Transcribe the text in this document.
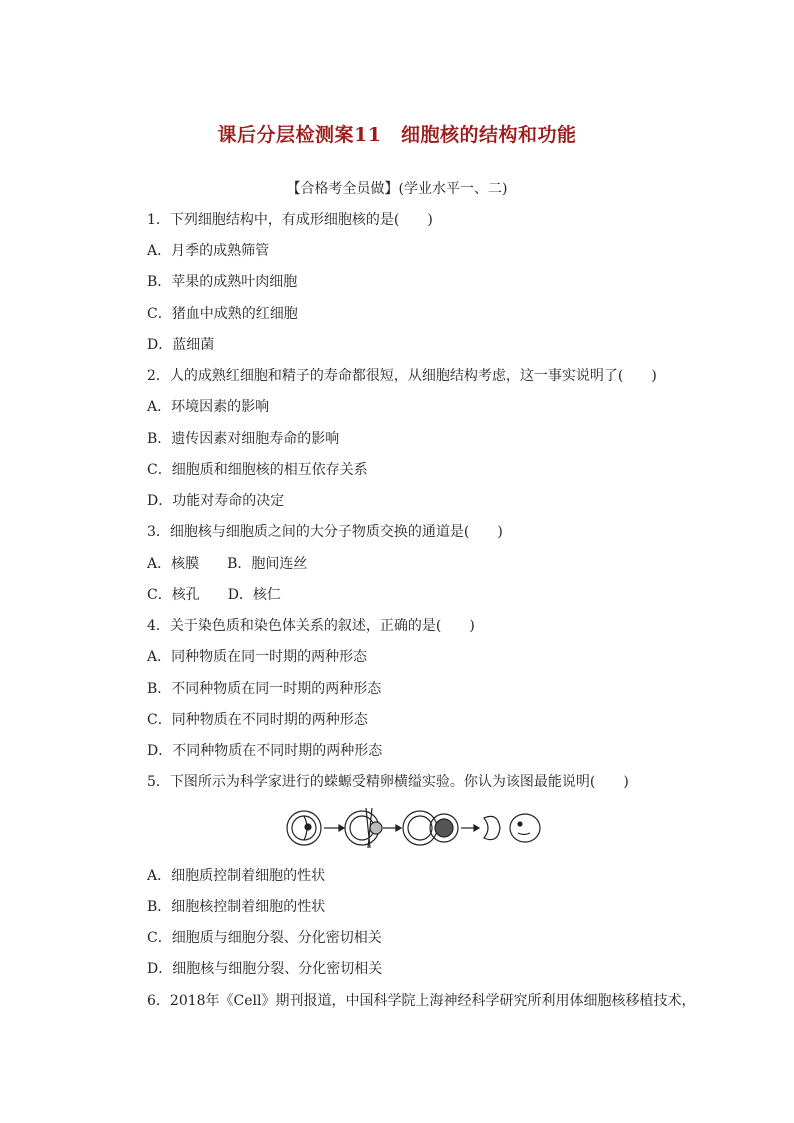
课后分层检测案11　细胞核的结构和功能
【合格考全员做】(学业水平一、二)
1．下列细胞结构中，有成形细胞核的是(　　)
A．月季的成熟筛管
B．苹果的成熟叶肉细胞
C．猪血中成熟的红细胞
D．蓝细菌
2．人的成熟红细胞和精子的寿命都很短，从细胞结构考虑，这一事实说明了(　　)
A．环境因素的影响
B．遗传因素对细胞寿命的影响
C．细胞质和细胞核的相互依存关系
D．功能对寿命的决定
3．细胞核与细胞质之间的大分子物质交换的通道是(　　)
A．核膜　　B．胞间连丝
C．核孔　　D．核仁
4．关于染色质和染色体关系的叙述，正确的是(　　)
A．同种物质在同一时期的两种形态
B．不同种物质在同一时期的两种形态
C．同种物质在不同时期的两种形态
D．不同种物质在不同时期的两种形态
5．下图所示为科学家进行的蝾螈受精卵横缢实验。你认为该图最能说明(　　)
A．细胞质控制着细胞的性状
B．细胞核控制着细胞的性状
C．细胞质与细胞分裂、分化密切相关
D．细胞核与细胞分裂、分化密切相关
6．2018年《Cell》期刊报道，中国科学院上海神经科学研究所利用体细胞核移植技术，
